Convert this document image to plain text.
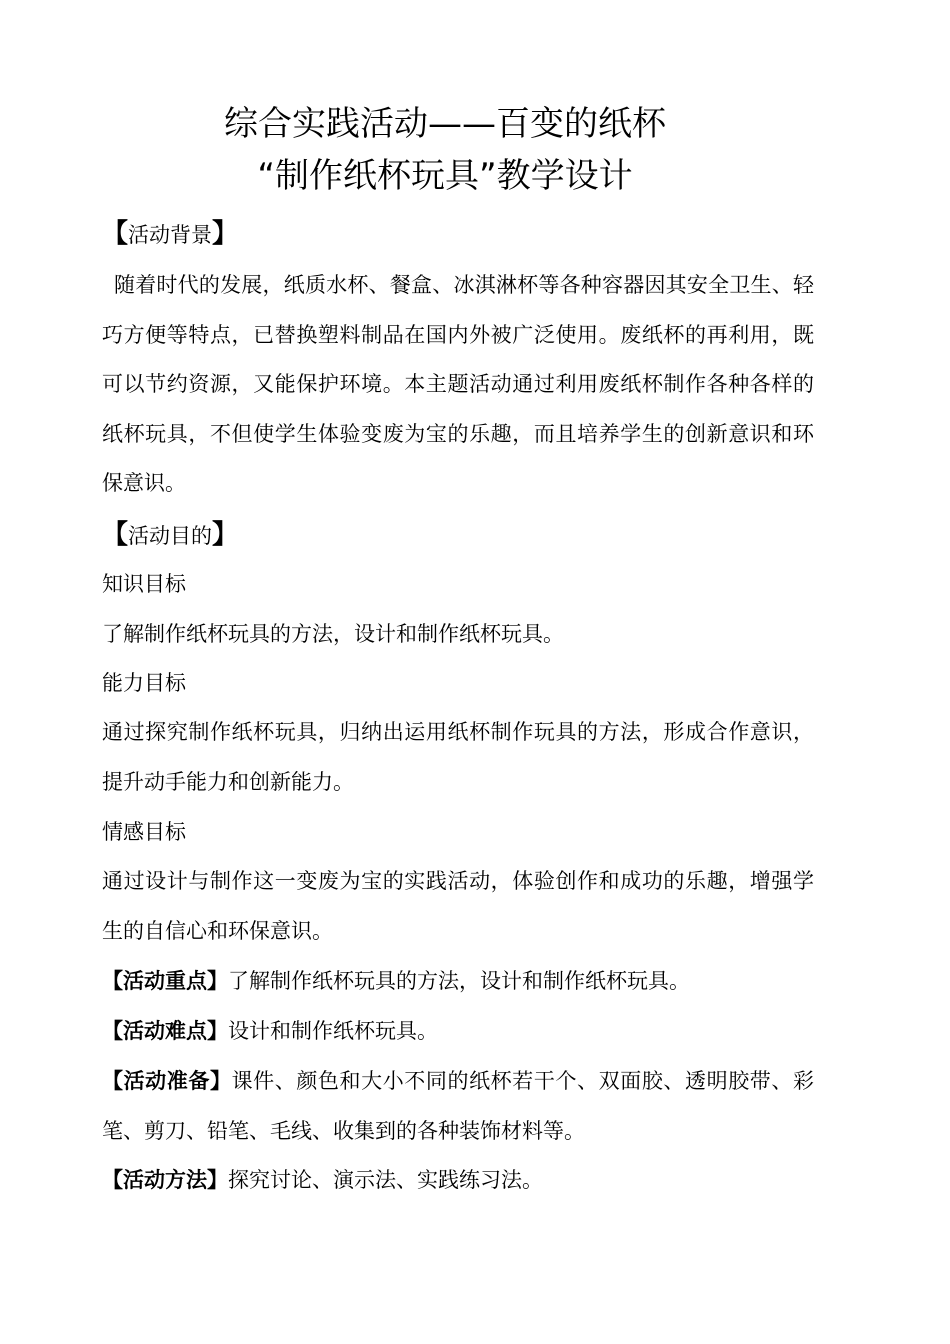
综合实践活动——百变的纸杯
“制作纸杯玩具”教学设计
【活动背景】
随着时代的发展，纸质水杯、餐盒、冰淇淋杯等各种容器因其安全卫生、轻巧方便等特点，已替换塑料制品在国内外被广泛使用。废纸杯的再利用，既可以节约资源，又能保护环境。本主题活动通过利用废纸杯制作各种各样的纸杯玩具，不但使学生体验变废为宝的乐趣，而且培养学生的创新意识和环保意识。
【活动目的】
知识目标
了解制作纸杯玩具的方法，设计和制作纸杯玩具。
能力目标
通过探究制作纸杯玩具，归纳出运用纸杯制作玩具的方法，形成合作意识，提升动手能力和创新能力。
情感目标
通过设计与制作这一变废为宝的实践活动，体验创作和成功的乐趣，增强学生的自信心和环保意识。
【活动重点】了解制作纸杯玩具的方法，设计和制作纸杯玩具。
【活动难点】设计和制作纸杯玩具。
【活动准备】课件、颜色和大小不同的纸杯若干个、双面胶、透明胶带、彩笔、剪刀、铅笔、毛线、收集到的各种装饰材料等。
【活动方法】探究讨论、演示法、实践练习法。
